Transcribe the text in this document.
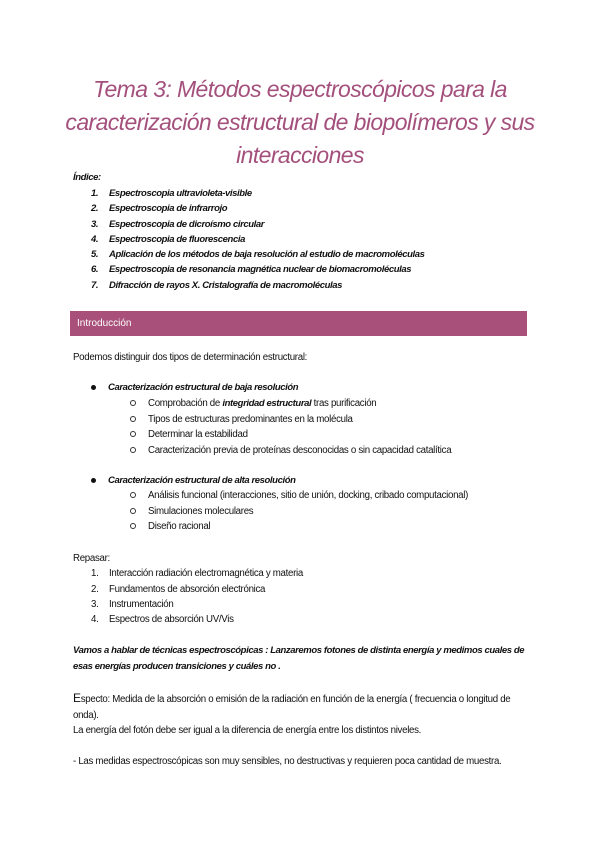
Tema 3: Métodos espectroscópicos para la
caracterización estructural de biopolímeros y sus
interacciones
Índice:
1. Espectroscopia ultravioleta-visible
2. Espectroscopia de infrarrojo
3. Espectroscopia de dicroísmo circular
4. Espectroscopia de fluorescencia
5. Aplicación de los métodos de baja resolución al estudio de macromoléculas
6. Espectroscopia de resonancia magnética nuclear de biomacromoléculas
7. Difracción de rayos X. Cristalografía de macromoléculas
Introducción
Podemos distinguir dos tipos de determinación estructural:
Caracterización estructural de baja resolución
Comprobación de integridad estructural tras purificación
Tipos de estructuras predominantes en la molécula
Determinar la estabilidad
Caracterización previa de proteínas desconocidas o sin capacidad catalítica
Caracterización estructural de alta resolución
Análisis funcional (interacciones, sitio de unión, docking, cribado computacional)
Simulaciones moleculares
Diseño racional
Repasar:
1. Interacción radiación electromagnética y materia
2. Fundamentos de absorción electrónica
3. Instrumentación
4. Espectros de absorción UV/Vis
Vamos a hablar de técnicas espectroscópicas : Lanzaremos fotones de distinta energía y medimos cuales de
esas energías producen transiciones y cuáles no .
Especto: Medida de la absorción o emisión de la radiación en función de la energía ( frecuencia o longitud de
onda).
La energía del fotón debe ser igual a la diferencia de energía entre los distintos niveles.
- Las medidas espectroscópicas son muy sensibles, no destructivas y requieren poca cantidad de muestra.
